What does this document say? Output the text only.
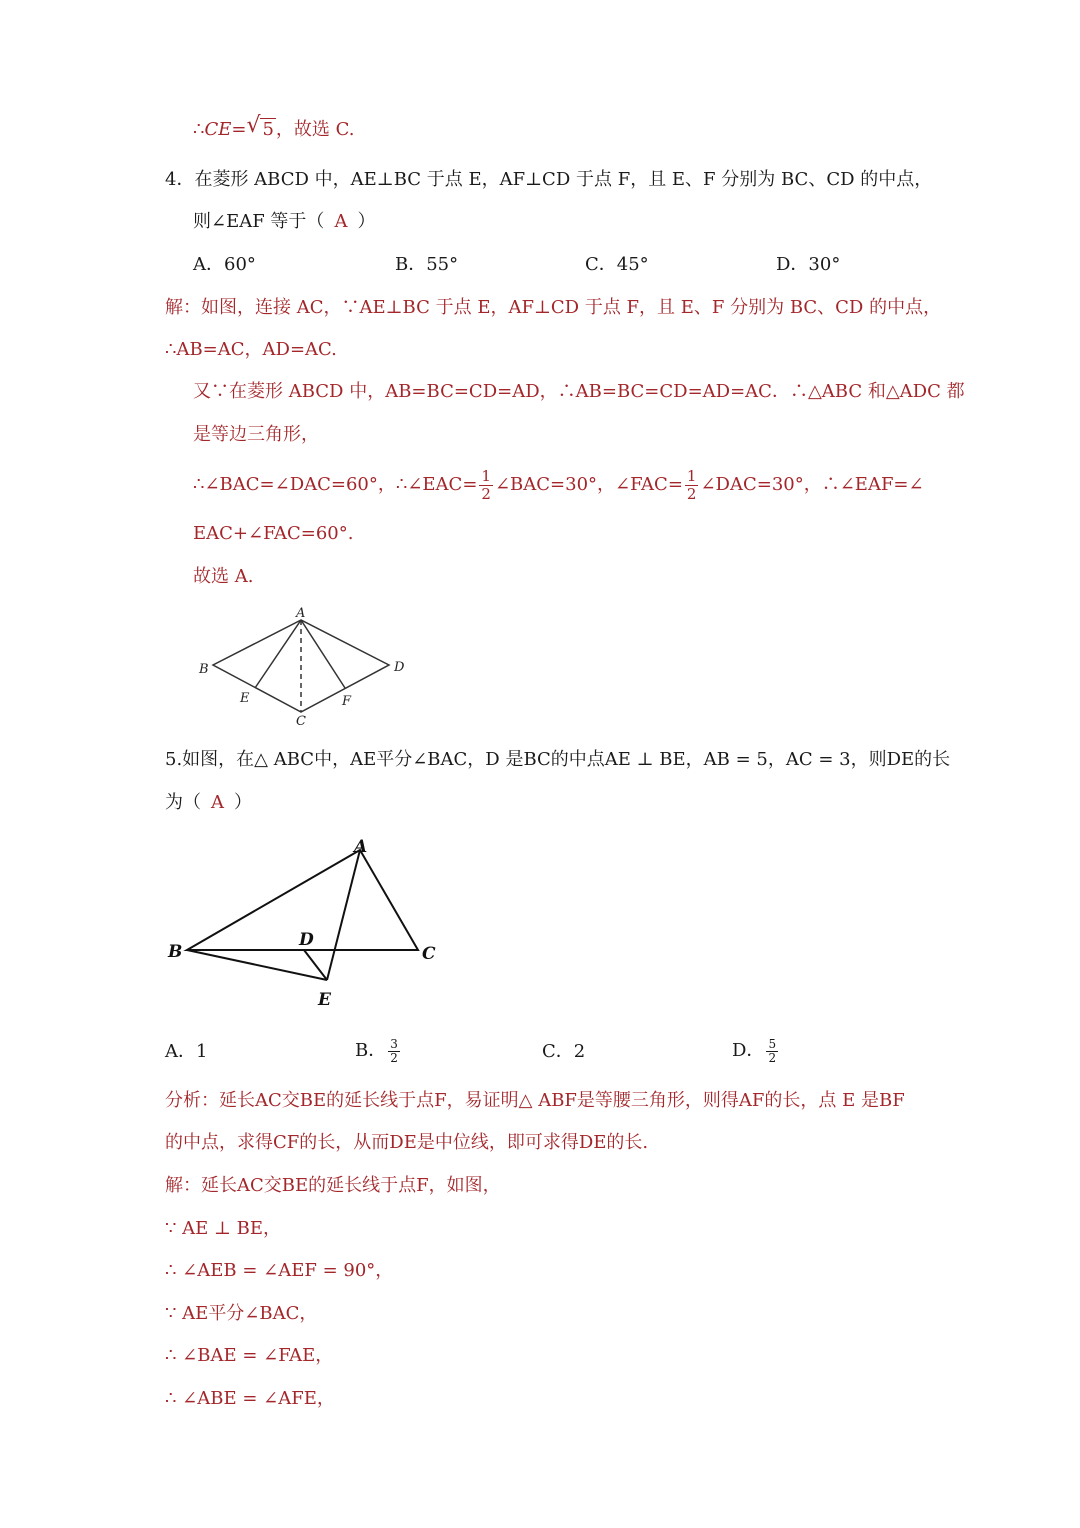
∴CE=√ 5 ，故选 C.
4．在菱形 ABCD 中，AE⊥BC 于点 E，AF⊥CD 于点 F，且 E、F 分别为 BC、CD 的中点，
则∠EAF 等于（ A ）
A．60°	B．55°	C．45°	D．30°
解：如图，连接 AC，∵AE⊥BC 于点 E，AF⊥CD 于点 F，且 E、F 分别为 BC、CD 的中点，
∴AB=AC，AD=AC.
又∵在菱形 ABCD 中，AB=BC=CD=AD，∴AB=BC=CD=AD=AC．∴△ABC 和△ADC 都
是等边三角形，
∴∠BAC=∠DAC=60°，∴∠EAC= $\frac{1}{2}$ ∠BAC=30°，∠FAC= $\frac{1}{2}$ ∠DAC=30°，∴∠EAF=∠
EAC+∠FAC=60°.
故选 A.
A
B	D
E	F
C
5.如图，在△ ABC中，AE平分∠BAC，D 是BC的中点AE ⊥ BE，AB = 5，AC = 3，则DE的长
为（ A ）
A
B	C
D
E
A．1	B． $\frac{3}{2}$	C．2	D． $\frac{5}{2}$
分析：延长AC交BE的延长线于点F，易证明△ ABF是等腰三角形，则得AF的长，点 E 是BF
的中点，求得CF的长，从而DE是中位线，即可求得DE的长.
解：延长AC交BE的延长线于点F，如图，
∵ AE ⊥ BE，
∴ ∠AEB = ∠AEF = 90°，
∵ AE平分∠BAC，
∴ ∠BAE = ∠FAE，
∴ ∠ABE = ∠AFE，
